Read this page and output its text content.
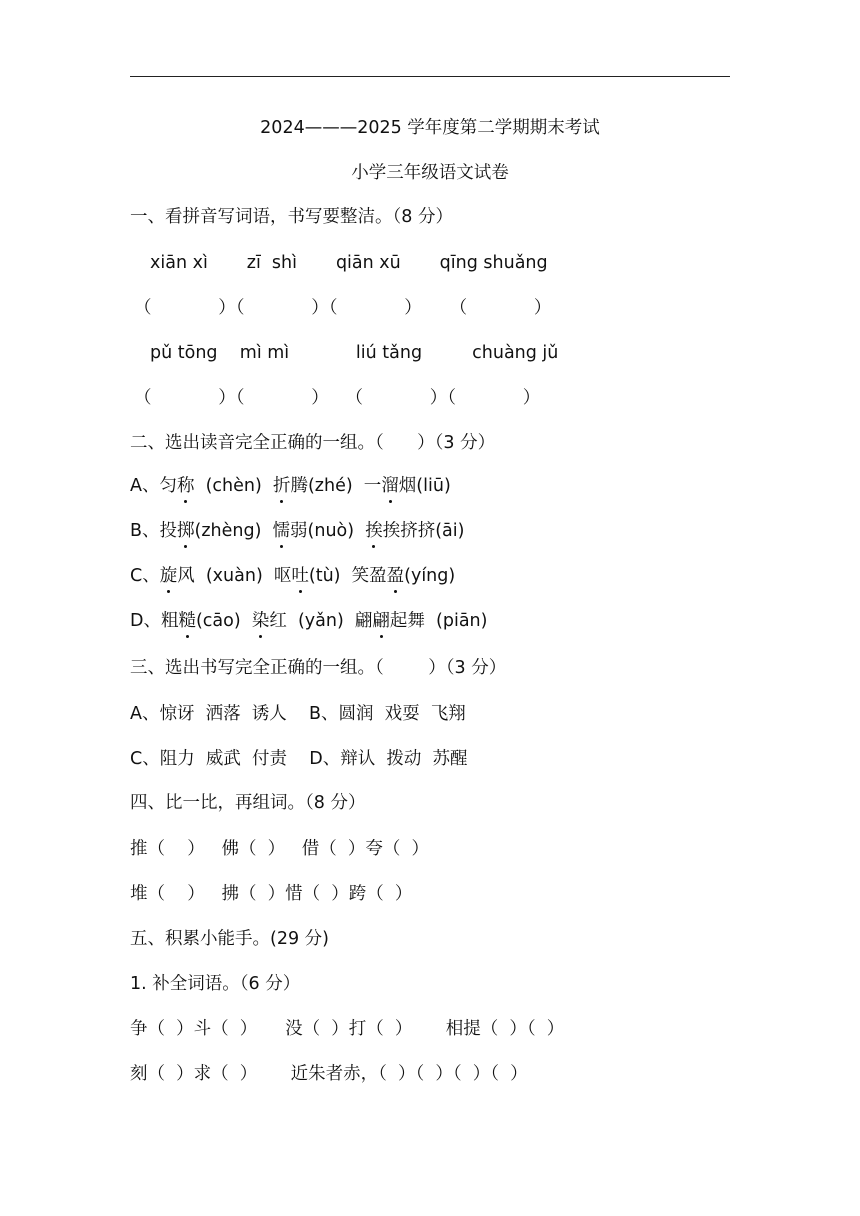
2024———2025 学年度第二学期期末考试
小学三年级语文试卷
一、看拼音写词语，书写要整洁。（8 分）
xiān xì       zī  shì       qiān xū       qīng shuǎng
（            ）（            ）（            ）     （            ）
pǔ tōng    mì mì            liú tǎng         chuàng jǔ
（            ）（            ）   （            ）（            ）
二、选出读音完全正确的一组。（      ）（3 分）
A、匀称  (chèn)  折腾(zhé)  一溜烟(liū)
B、投掷(zhèng)  懦弱(nuò)  挨挨挤挤(āi)
C、旋风  (xuàn)  呕吐(tù)  笑盈盈(yíng)
D、粗糙(cāo)  染红  (yǎn)  翩翩起舞  (piān)
三、选出书写完全正确的一组。（        ）（3 分）
A、惊讶  洒落  诱人    B、圆润  戏耍  飞翔
C、阻力  威武  付责    D、辩认  拨动  苏醒
四、比一比，再组词。（8 分）
推（    ）   佛（  ）   借（  ）夸（  ）
堆（    ）   拂（  ）惜（  ）跨（  ）
五、积累小能手。(29 分)
1. 补全词语。（6 分）
争（  ）斗（  ）     没（  ）打（  ）      相提（  ）（  ）
刻（  ）求（  ）      近朱者赤，（  ）（  ）（  ）（  ）
